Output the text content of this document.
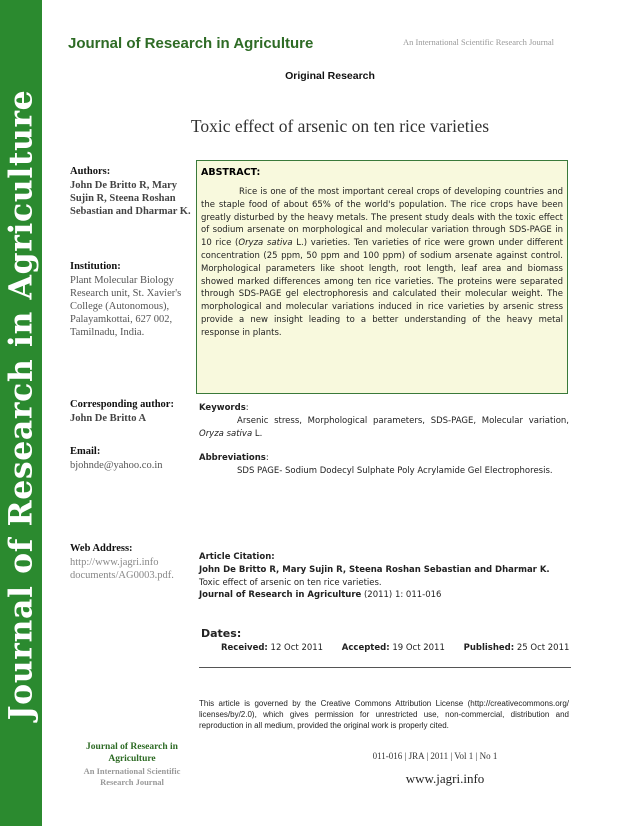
Journal of Research in Agriculture
Journal of Research in Agriculture	An International Scientific Research Journal
Original Research
Toxic effect of arsenic on ten rice varieties
Authors:
John De Britto R, Mary Sujin R, Steena Roshan Sebastian and Dharmar K.
Institution:
Plant Molecular Biology Research unit, St. Xavier's College (Autonomous), Palayamkottai, 627 002, Tamilnadu, India.
Corresponding author:
John De Britto A
Email:
bjohnde@yahoo.co.in
Web Address:
http://www.jagri.info documents/AG0003.pdf.
ABSTRACT:

Rice is one of the most important cereal crops of developing countries and the staple food of about 65% of the world's population. The rice crops have been greatly disturbed by the heavy metals. The present study deals with the toxic effect of sodium arsenate on morphological and molecular variation through SDS-PAGE in 10 rice (Oryza sativa L.) varieties. Ten varieties of rice were grown under different concentration (25 ppm, 50 ppm and 100 ppm) of sodium arsenate against control. Morphological parameters like shoot length, root length, leaf area and biomass showed marked differences among ten rice varieties. The proteins were separated through SDS-PAGE gel electrophoresis and calculated their molecular weight. The morphological and molecular variations induced in rice varieties by arsenic stress provide a new insight leading to a better understanding of the heavy metal response in plants.

Keywords:
Arsenic stress, Morphological parameters, SDS-PAGE, Molecular variation, Oryza sativa L.
Abbreviations:
SDS PAGE- Sodium Dodecyl Sulphate Poly Acrylamide Gel Electrophoresis.
Article Citation:
John De Britto R, Mary Sujin R, Steena Roshan Sebastian and Dharmar K.
Toxic effect of arsenic on ten rice varieties.
Journal of Research in Agriculture (2011) 1: 011-016
Dates:
Received: 12 Oct 2011 Accepted: 19 Oct 2011 Published: 25 Oct 2011
This article is governed by the Creative Commons Attribution License (http://creativecommons.org/ licenses/by/2.0), which gives permission for unrestricted use, non-commercial, distribution and reproduction in all medium, provided the original work is properly cited.
Journal of Research in Agriculture
An International Scientific Research Journal
011-016 | JRA | 2011 | Vol 1 | No 1
www.jagri.info
